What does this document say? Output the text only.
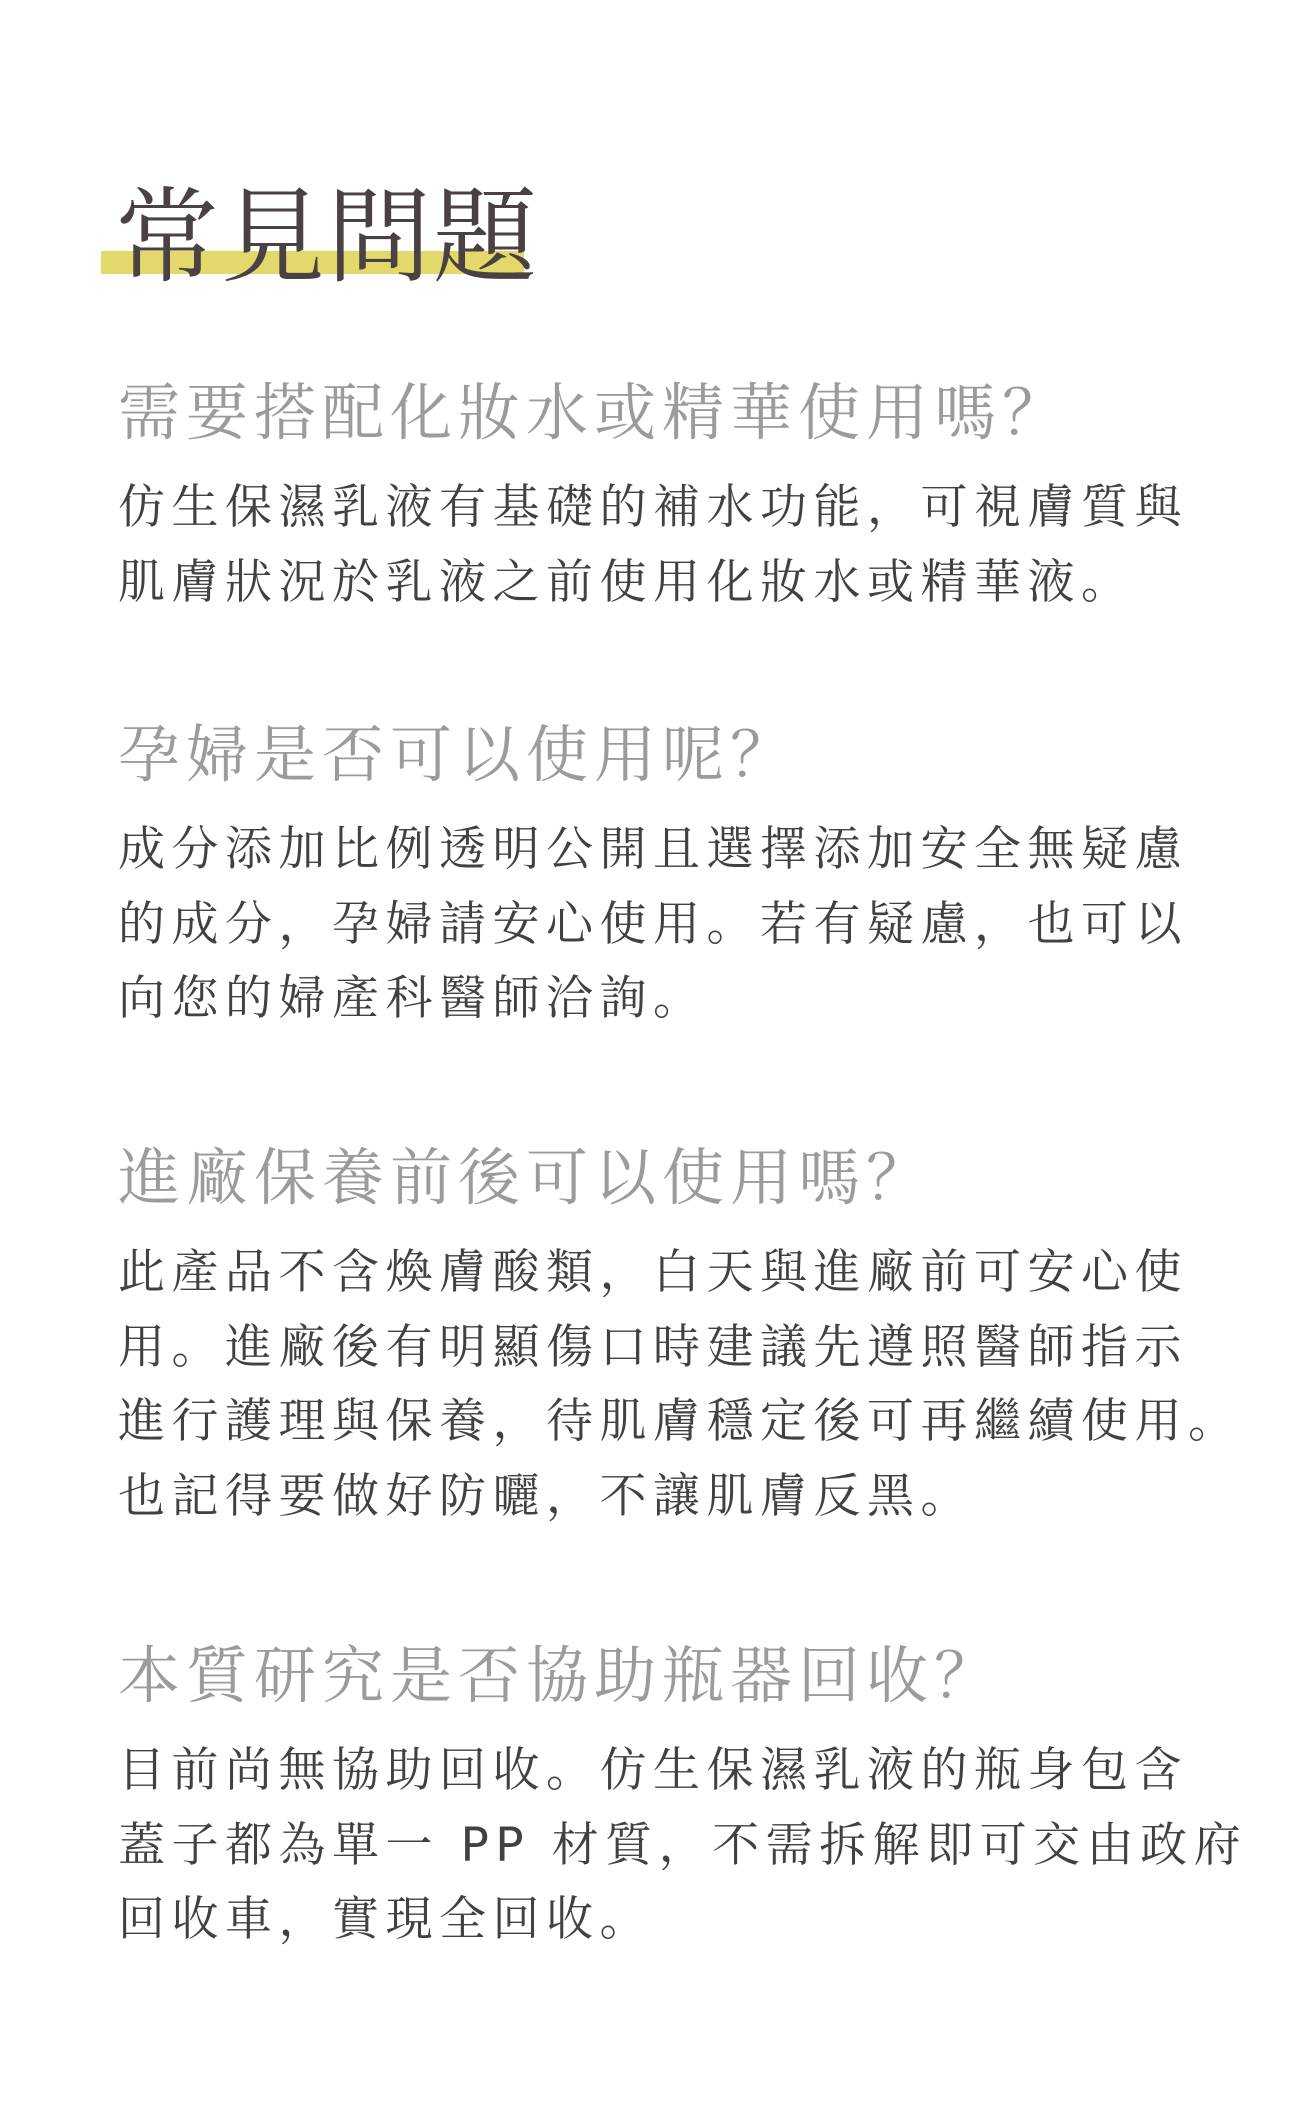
常見問題
需要搭配化妝水或精華使用嗎？
仿生保濕乳液有基礎的補水功能，可視膚質與
肌膚狀況於乳液之前使用化妝水或精華液。
孕婦是否可以使用呢？
成分添加比例透明公開且選擇添加安全無疑慮
的成分，孕婦請安心使用。若有疑慮，也可以
向您的婦產科醫師洽詢。
進廠保養前後可以使用嗎？
此產品不含煥膚酸類，白天與進廠前可安心使
用。進廠後有明顯傷口時建議先遵照醫師指示
進行護理與保養，待肌膚穩定後可再繼續使用。
也記得要做好防曬，不讓肌膚反黑。
本質研究是否協助瓶器回收？
目前尚無協助回收。仿生保濕乳液的瓶身包含
蓋子都為單一 PP 材質，不需拆解即可交由政府
回收車，實現全回收。
